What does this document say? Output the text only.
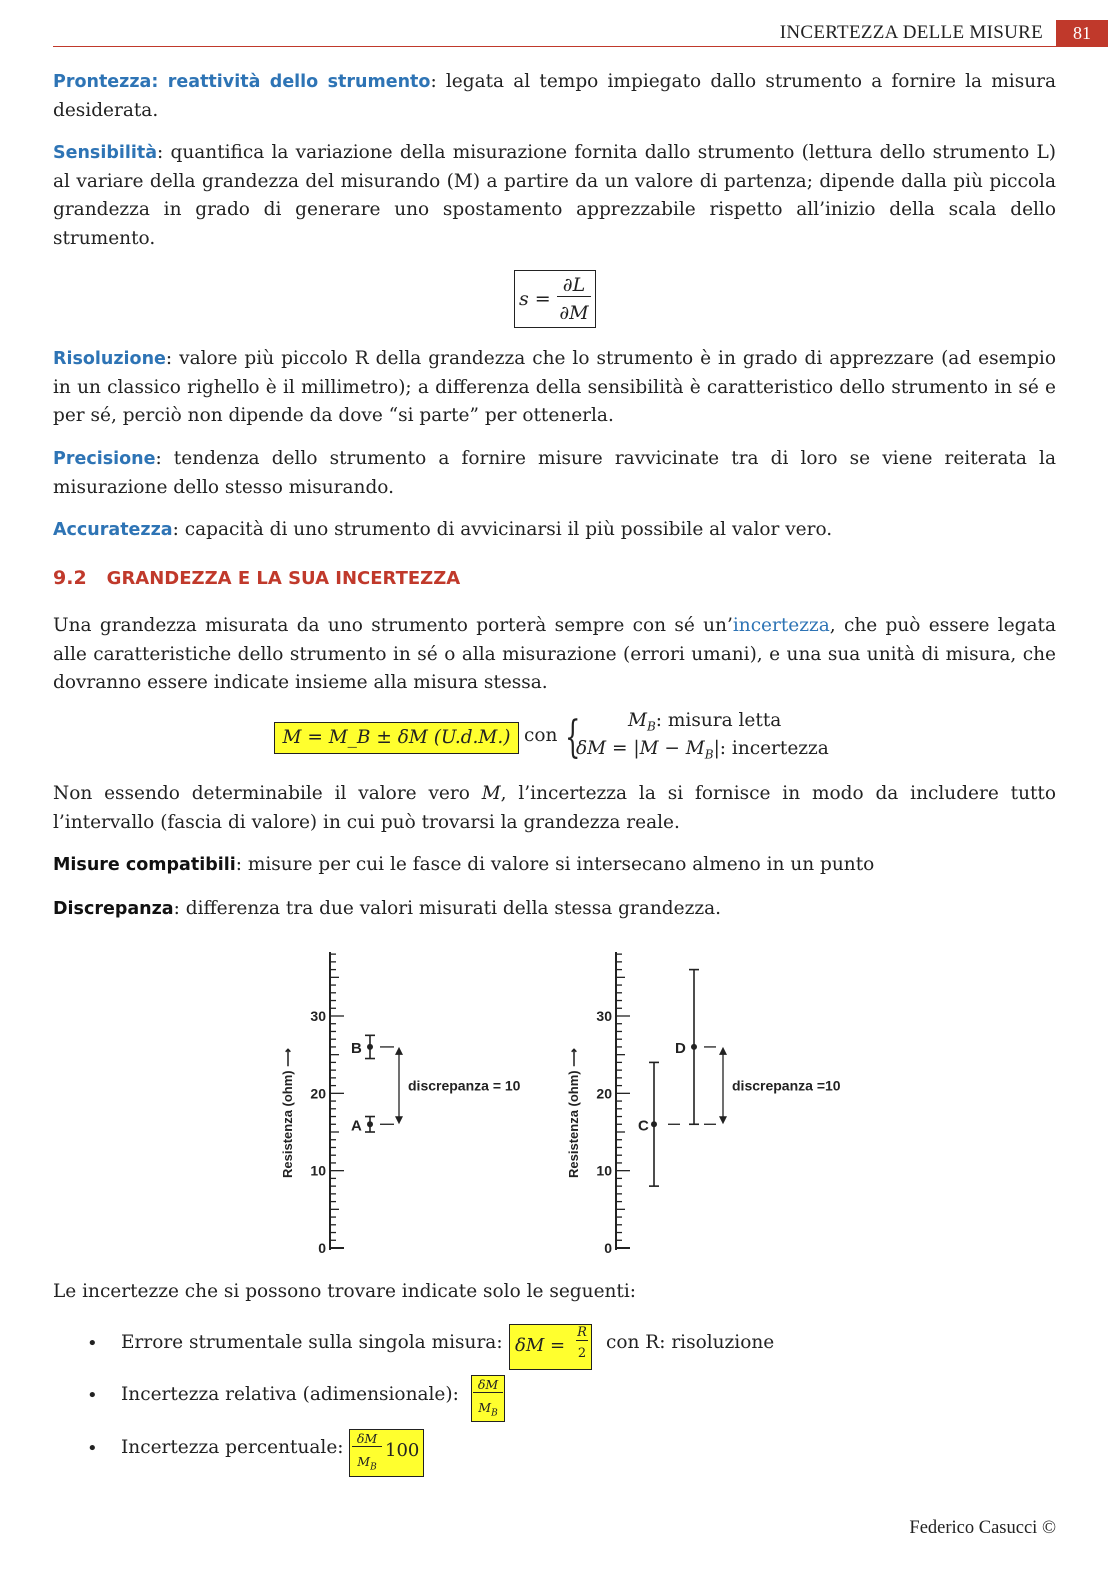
INCERTEZZA DELLE MISURE	81

Prontezza: reattività dello strumento: legata al tempo impiegato dallo strumento a fornire la misura desiderata.

Sensibilità: quantifica la variazione della misurazione fornita dallo strumento (lettura dello strumento L) al variare della grandezza del misurando (M) a partire da un valore di partenza; dipende dalla più piccola grandezza in grado di generare uno spostamento apprezzabile rispetto all’inizio della scala dello strumento.

s =
∂L
∂M

Risoluzione: valore più piccolo R della grandezza che lo strumento è in grado di apprezzare (ad esempio in un classico righello è il millimetro); a differenza della sensibilità è caratteristico dello strumento in sé e per sé, perciò non dipende da dove “si parte” per ottenerla.

Precisione: tendenza dello strumento a fornire misure ravvicinate tra di loro se viene reiterata la misurazione dello stesso misurando.

Accuratezza: capacità di uno strumento di avvicinarsi il più possibile al valor vero.

9.2 GRANDEZZA E LA SUA INCERTEZZA

Una grandezza misurata da uno strumento porterà sempre con sé un’incertezza, che può essere legata alle caratteristiche dello strumento in sé o alla misurazione (errori umani), e una sua unità di misura, che dovranno essere indicate insieme alla misura stessa.

M = M_B ± δM (U.d.M.) con {	$M_B$: misura letta
$\delta M = |M - M_B|$: incertezza

Non essendo determinabile il valore vero M, l’incertezza la si fornisce in modo da includere tutto l’intervallo (fascia di valore) in cui può trovarsi la grandezza reale.

Misure compatibili: misure per cui le fasce di valore si intersecano almeno in un punto

Discrepanza: differenza tra due valori misurati della stessa grandezza.

0
10
20
30
Resistenza (ohm) ⟶	B
A
discrepanza = 10
0
10
20
30
Resistenza (ohm) ⟶	C
D
discrepanza =10

Le incertezze che si possono trovare indicate solo le seguenti:

• Errore strumentale sulla singola misura: δM =
R
2
con R: risoluzione
• Incertezza relativa (adimensionale): $\frac{\delta M}{M_B}$
• Incertezza percentuale:	δM
$M_B$
100
Federico Casucci ©
